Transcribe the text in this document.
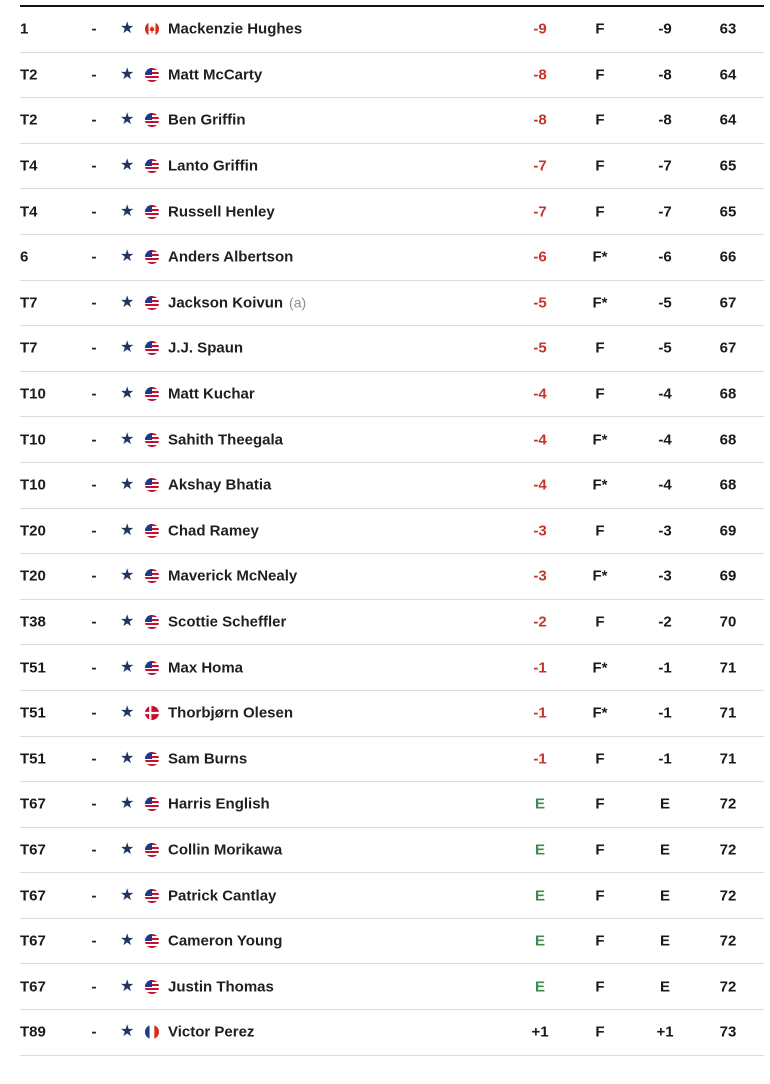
1	- ★ Mackenzie Hughes	-9	F	-9	63
T2	- ★ Matt McCarty	-8	F	-8	64
T2	- ★ Ben Griffin	-8	F	-8	64
T4	- ★ Lanto Griffin	-7	F	-7	65
T4	- ★ Russell Henley	-7	F	-7	65
6	- ★ Anders Albertson	-6	F*	-6	66
T7	- ★ Jackson Koivun (a)	-5	F*	-5	67
T7	- ★ J.J. Spaun	-5	F	-5	67
T10	- ★ Matt Kuchar	-4	F	-4	68
T10	- ★ Sahith Theegala	-4	F*	-4	68
T10	- ★ Akshay Bhatia	-4	F*	-4	68
T20	- ★ Chad Ramey	-3	F	-3	69
T20	- ★ Maverick McNealy	-3	F*	-3	69
T38	- ★ Scottie Scheffler	-2	F	-2	70
T51	- ★ Max Homa	-1	F*	-1	71
T51	- ★ Thorbjørn Olesen	-1	F*	-1	71
T51	- ★ Sam Burns	-1	F	-1	71
T67	- ★ Harris English	E	F	E	72
T67	- ★ Collin Morikawa	E	F	E	72
T67	- ★ Patrick Cantlay	E	F	E	72
T67	- ★ Cameron Young	E	F	E	72
T67	- ★ Justin Thomas	E	F	E	72
T89	- ★ Victor Perez	+1	F	+1	73
